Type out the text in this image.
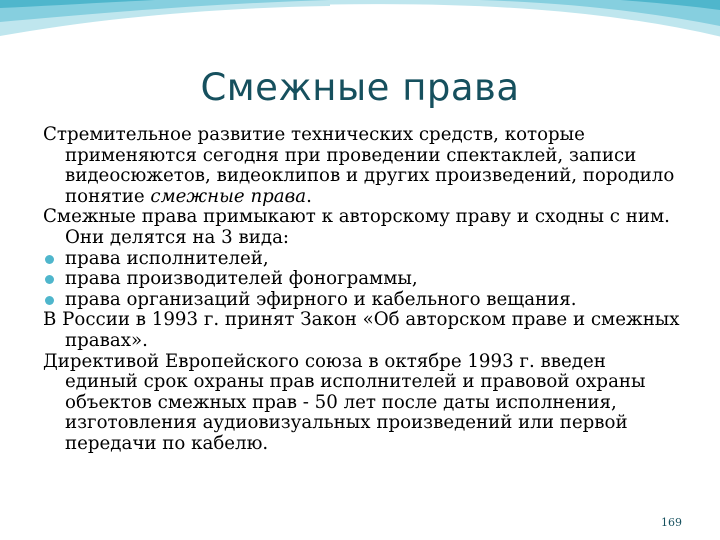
Смежные права

Стремительное развитие технических средств, которые применяются сегодня при проведении спектаклей, записи видеосюжетов, видеоклипов и других произведений, породило понятие смежные права.

Смежные права примыкают к авторскому праву и сходны с ним. Они делятся на 3 вида:

права исполнителей,

права производителей фонограммы,

права организаций эфирного и кабельного вещания.

В России в 1993 г. принят Закон «Об авторском праве и смежных правах».

Директивой Европейского союза в октябре 1993 г. введен единый срок охраны прав исполнителей и правовой охраны объектов смежных прав - 50 лет после даты исполнения, изготовления аудиовизуальных произведений или первой передачи по кабелю.

169
